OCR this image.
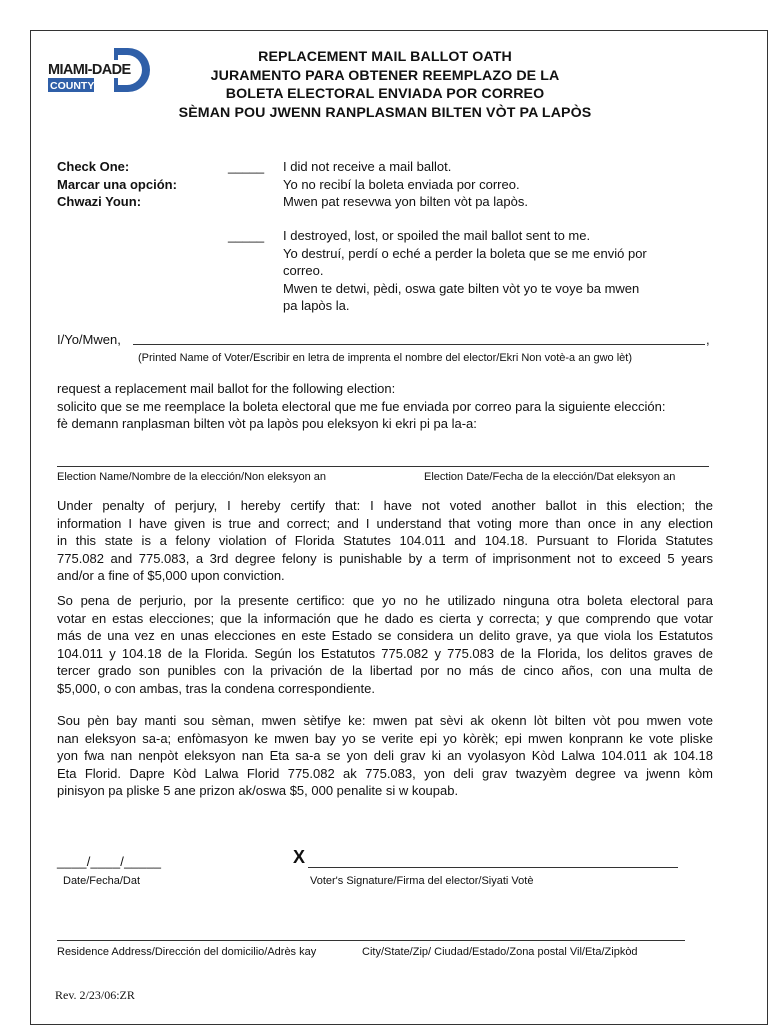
MIAMI-DADE
COUNTY
REPLACEMENT MAIL BALLOT OATH
JURAMENTO PARA OBTENER REEMPLAZO DE LA
BOLETA ELECTORAL ENVIADA POR CORREO
SÈMAN POU JWENN RANPLASMAN BILTEN VÒT PA LAPÒS
Check One:
Marcar una opción:
Chwazi Youn:
_____ I did not receive a mail ballot.
Yo no recibí la boleta enviada por correo.
Mwen pat resevwa yon bilten vòt pa lapòs.
_____ I destroyed, lost, or spoiled the mail ballot sent to me.
Yo destruí, perdí o eché a perder la boleta que se me envió por
correo.
Mwen te detwi, pèdi, oswa gate bilten vòt yo te voye ba mwen
pa lapòs la.
I/Yo/Mwen,	,
(Printed Name of Voter/Escribir en letra de imprenta el nombre del elector/Ekri Non votè-a an gwo lèt)
request a replacement mail ballot for the following election:
solicito que se me reemplace la boleta electoral que me fue enviada por correo para la siguiente elección:
fè demann ranplasman bilten vòt pa lapòs pou eleksyon ki ekri pi pa la-a:
Election Name/Nombre de la elección/Non eleksyon an	Election Date/Fecha de la elección/Dat eleksyon an
Under penalty of perjury, I hereby certify that: I have not voted another ballot in this election; the
information I have given is true and correct; and I understand that voting more than once in any election
in this state is a felony violation of Florida Statutes 104.011 and 104.18. Pursuant to Florida Statutes
775.082 and 775.083, a 3rd degree felony is punishable by a term of imprisonment not to exceed 5 years
and/or a fine of $5,000 upon conviction.
So pena de perjurio, por la presente certifico: que yo no he utilizado ninguna otra boleta electoral para
votar en estas elecciones; que la información que he dado es cierta y correcta; y que comprendo que votar
más de una vez en unas elecciones en este Estado se considera un delito grave, ya que viola los Estatutos
104.011 y 104.18 de la Florida. Según los Estatutos 775.082 y 775.083 de la Florida, los delitos graves de
tercer grado son punibles con la privación de la libertad por no más de cinco años, con una multa de
$5,000, o con ambas, tras la condena correspondiente.
Sou pèn bay manti sou sèman, mwen sètifye ke: mwen pat sèvi ak okenn lòt bilten vòt pou mwen vote
nan eleksyon sa-a; enfòmasyon ke mwen bay yo se verite epi yo kòrèk; epi mwen konprann ke vote pliske
yon fwa nan nenpòt eleksyon nan Eta sa-a se yon deli grav ki an vyolasyon Kòd Lalwa 104.011 ak 104.18
Eta Florid. Dapre Kòd Lalwa Florid 775.082 ak 775.083, yon deli grav twazyèm degree va jwenn kòm
pinisyon pa pliske 5 ane prizon ak/oswa $5, 000 penalite si w koupab.
____/____/_____	X
Date/Fecha/Dat	Voter's Signature/Firma del elector/Siyati Votè
Residence Address/Dirección del domicilio/Adrès kay	City/State/Zip/ Ciudad/Estado/Zona postal Vil/Eta/Zipkòd
Rev. 2/23/06:ZR
